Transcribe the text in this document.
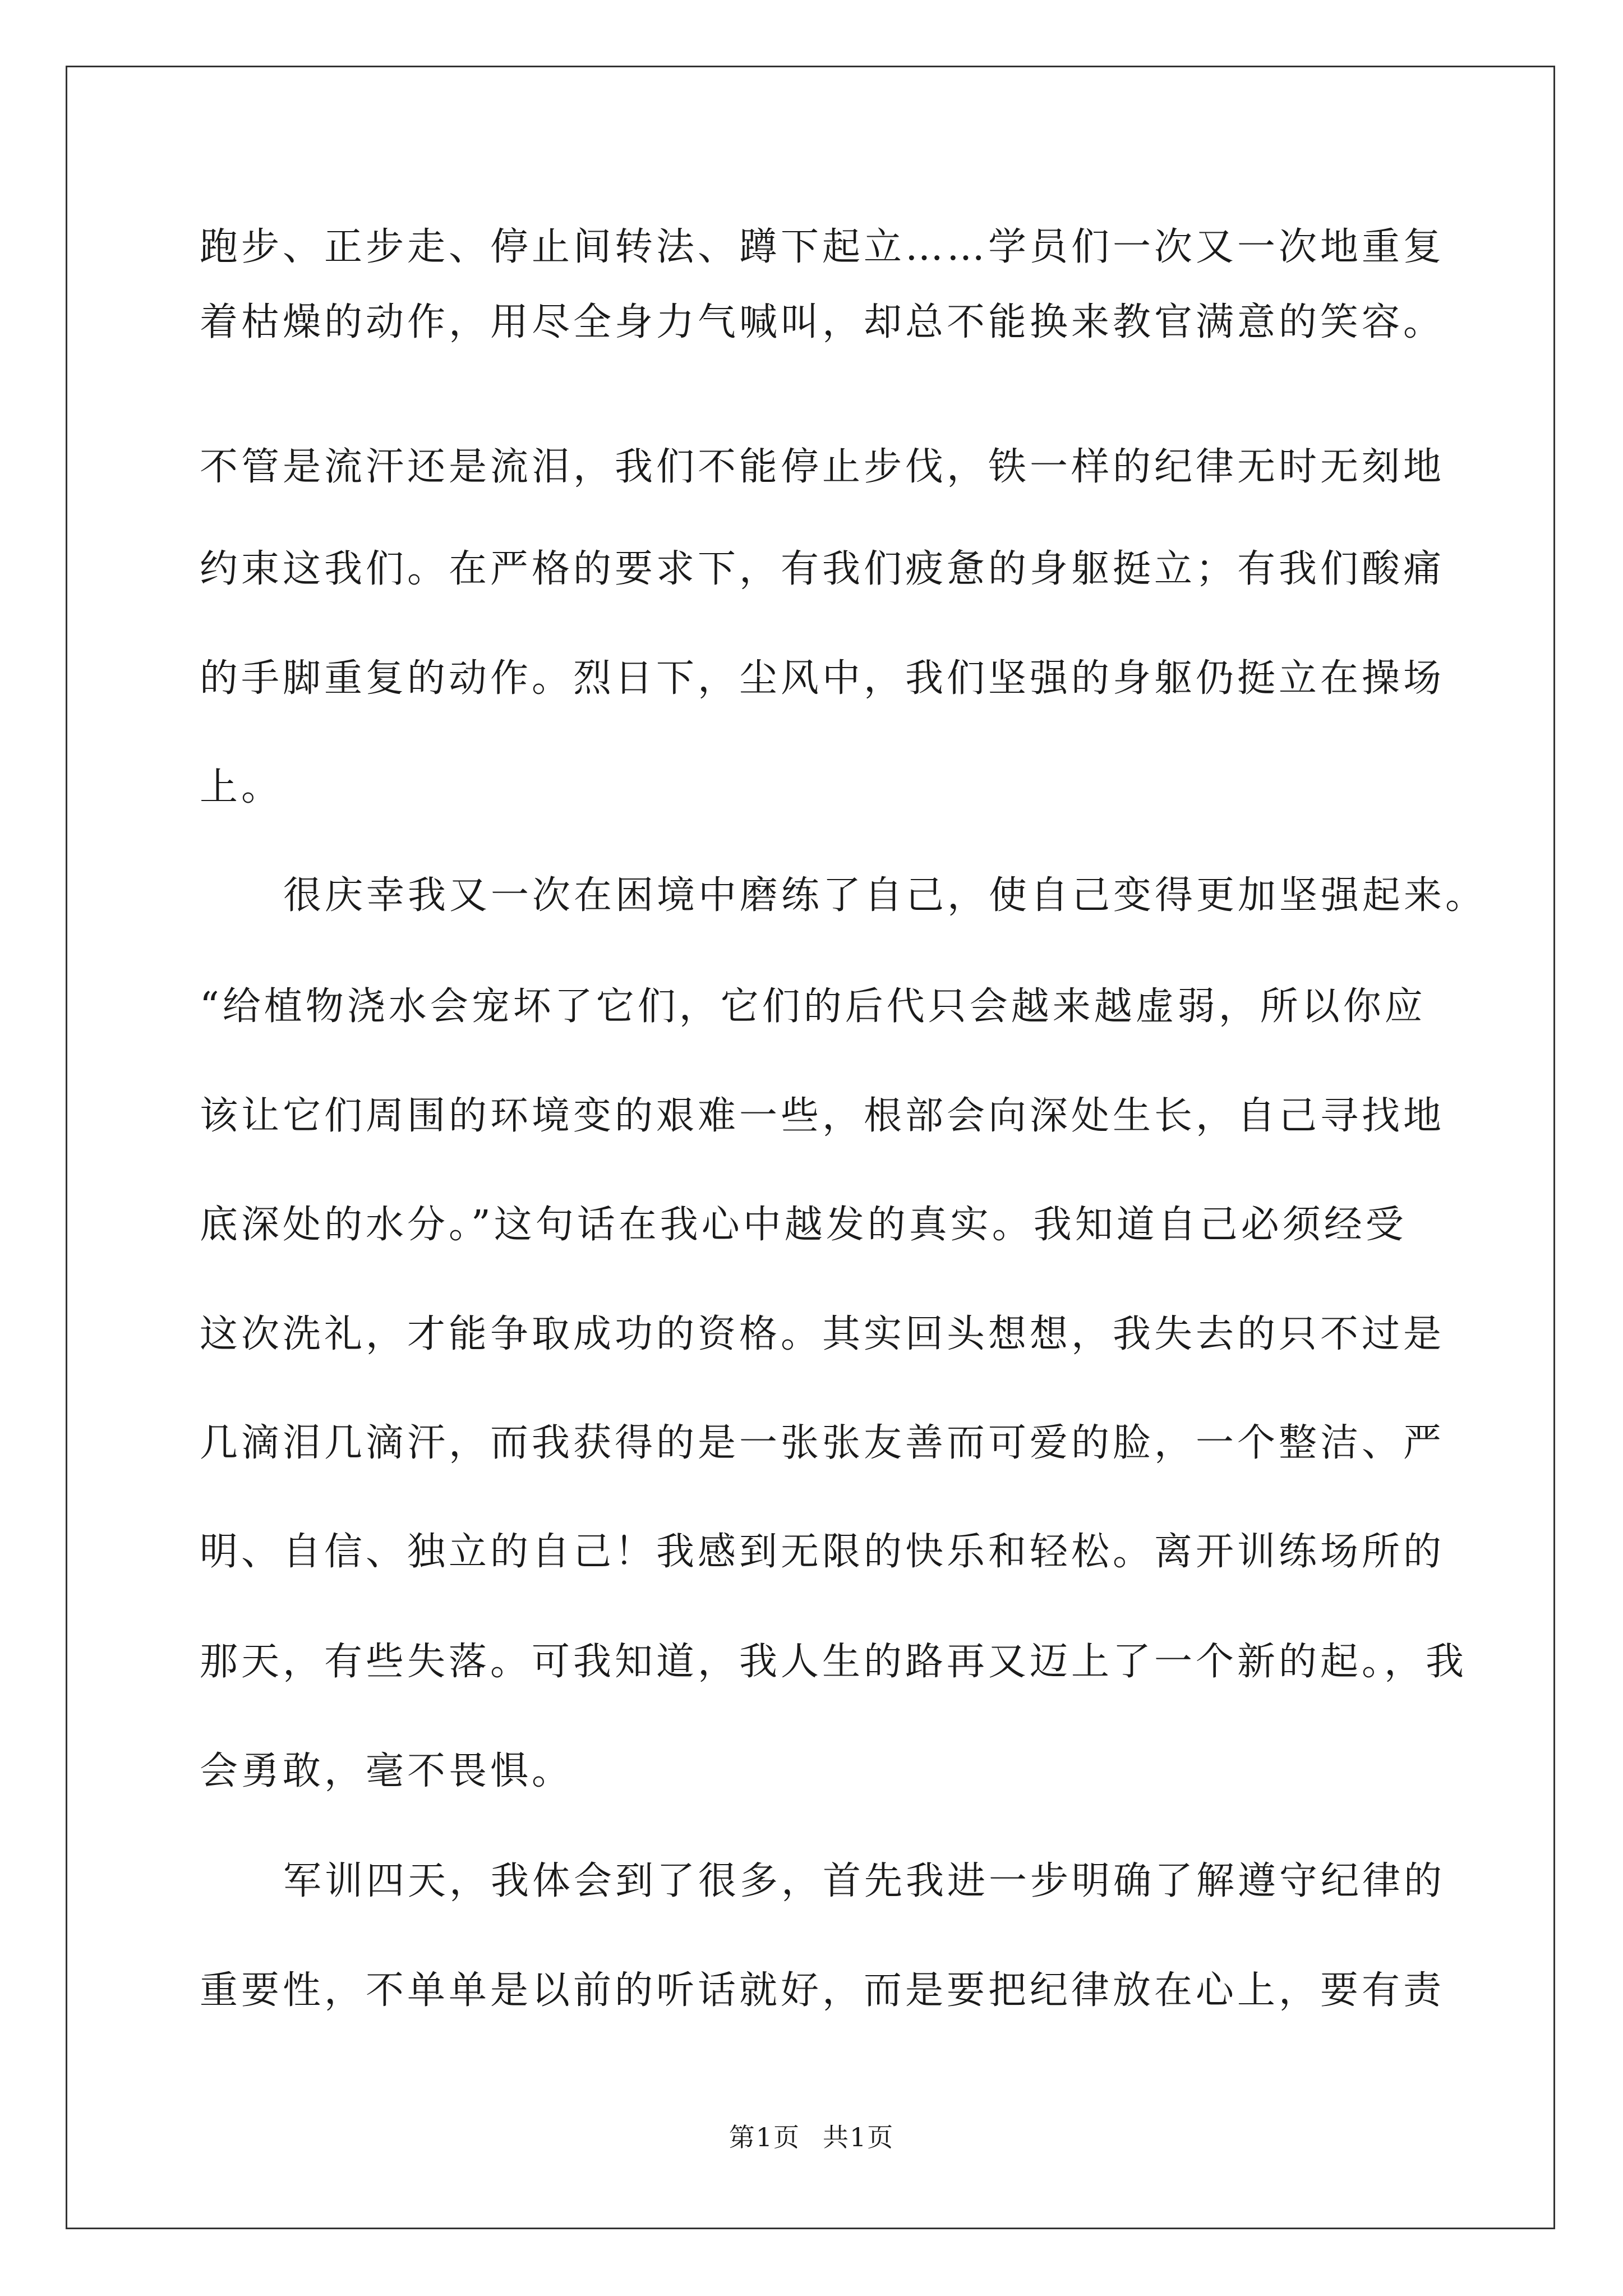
跑步、正步走、停止间转法、蹲下起立……学员们一次又一次地重复
着枯燥的动作，用尽全身力气喊叫，却总不能换来教官满意的笑容。
不管是流汗还是流泪，我们不能停止步伐，铁一样的纪律无时无刻地
约束这我们。在严格的要求下，有我们疲惫的身躯挺立；有我们酸痛
的手脚重复的动作。烈日下，尘风中，我们坚强的身躯仍挺立在操场
上。
很庆幸我又一次在困境中磨练了自己，使自己变得更加坚强起来。
“给植物浇水会宠坏了它们，它们的后代只会越来越虚弱，所以你应
该让它们周围的环境变的艰难一些，根部会向深处生长，自己寻找地
底深处的水分。”这句话在我心中越发的真实。我知道自己必须经受
这次洗礼，才能争取成功的资格。其实回头想想，我失去的只不过是
几滴泪几滴汗，而我获得的是一张张友善而可爱的脸，一个整洁、严
明、自信、独立的自己！我感到无限的快乐和轻松。离开训练场所的
那天，有些失落。可我知道，我人生的路再又迈上了一个新的起。，我
会勇敢，毫不畏惧。
军训四天，我体会到了很多，首先我进一步明确了解遵守纪律的
重要性，不单单是以前的听话就好，而是要把纪律放在心上，要有责
第1页 共1页
